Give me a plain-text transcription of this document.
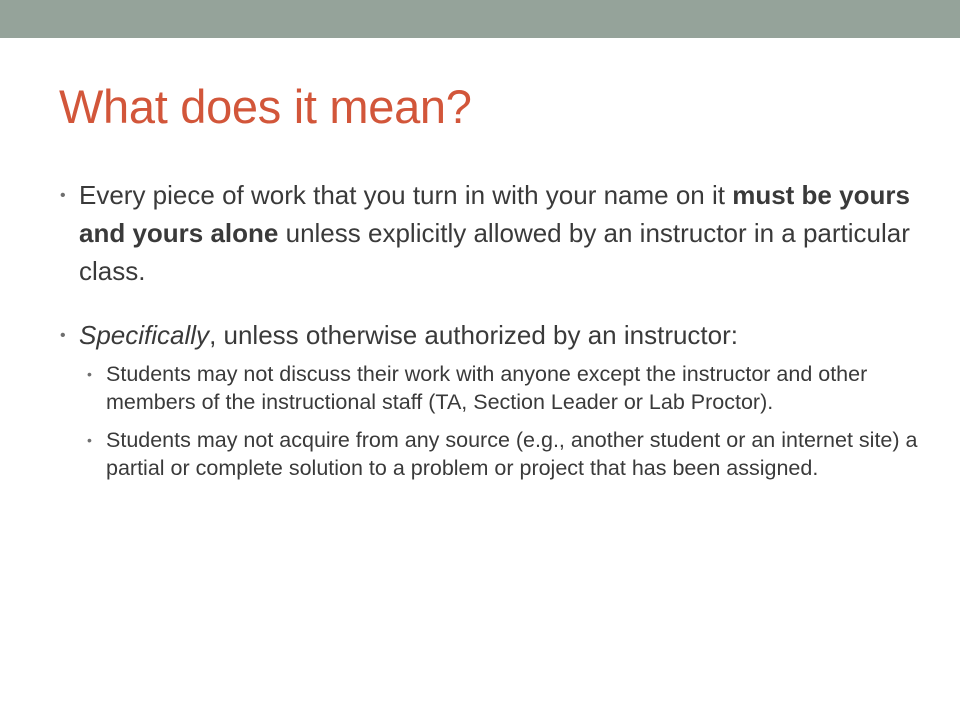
What does it mean?

• Every piece of work that you turn in with your name on it must be yours and yours alone unless explicitly allowed by an instructor in a particular class.

• Specifically, unless otherwise authorized by an instructor:

• Students may not discuss their work with anyone except the instructor and other members of the instructional staff (TA, Section Leader or Lab Proctor).

• Students may not acquire from any source (e.g., another student or an internet site) a partial or complete solution to a problem or project that has been assigned.
